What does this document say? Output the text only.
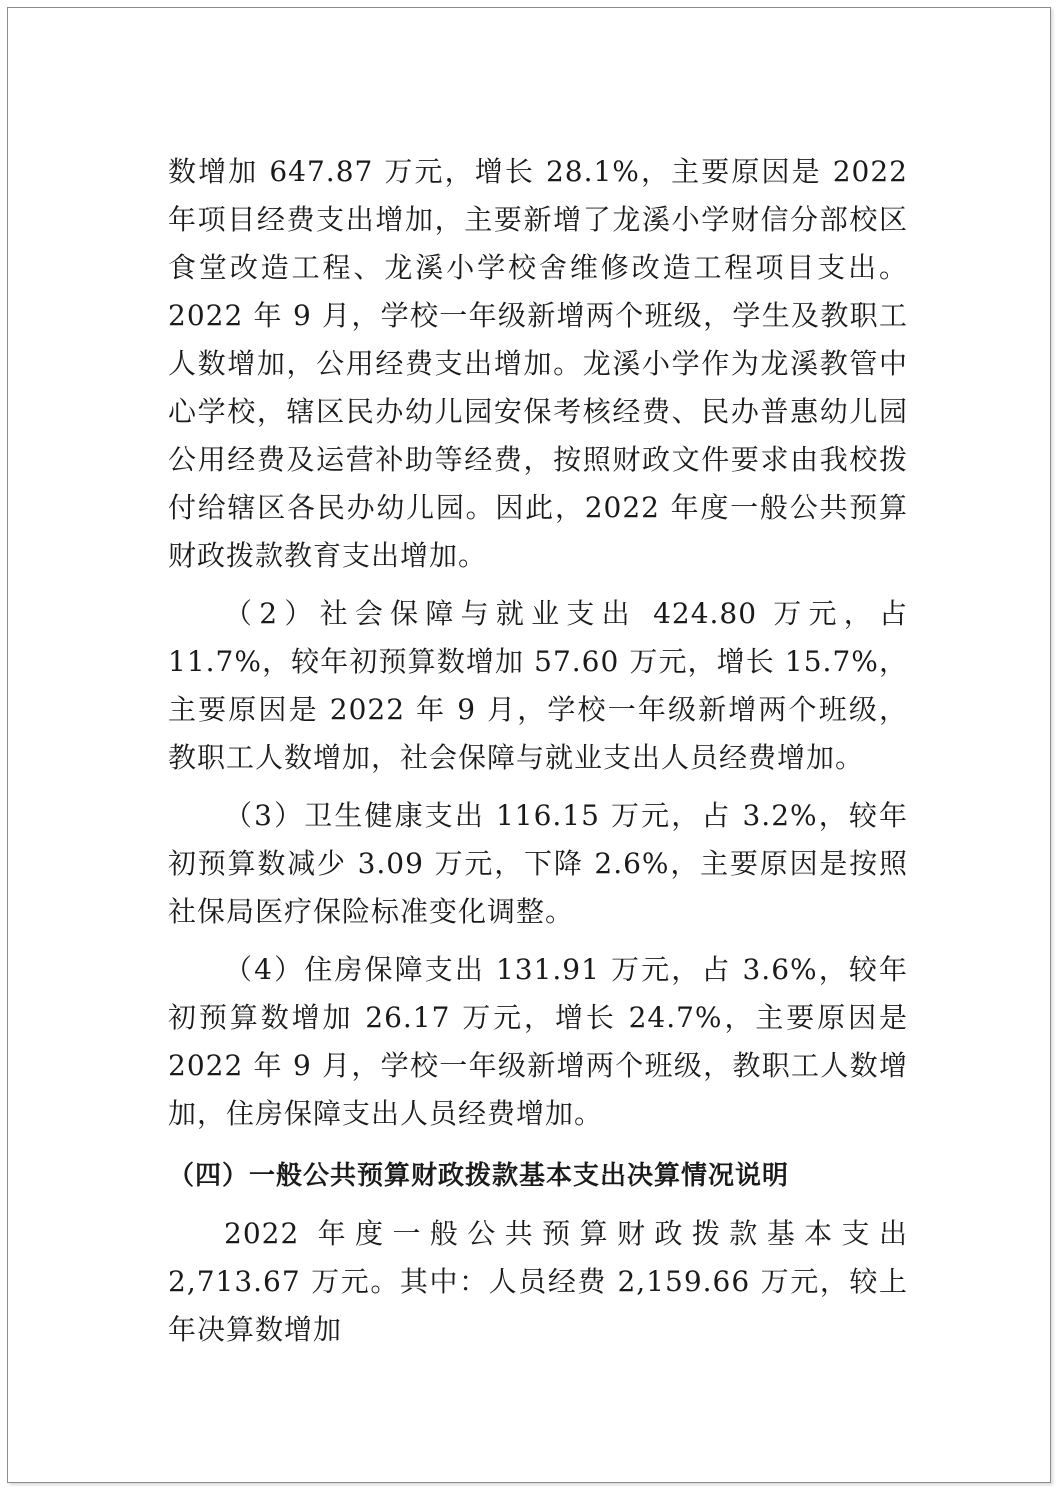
数增加 647.87 万元，增长 28.1%，主要原因是 2022 年项目经费支出增加，主要新增了龙溪小学财信分部校区食堂改造工程、龙溪小学校舍维修改造工程项目支出。2022 年 9 月，学校一年级新增两个班级，学生及教职工人数增加，公用经费支出增加。龙溪小学作为龙溪教管中心学校，辖区民办幼儿园安保考核经费、民办普惠幼儿园公用经费及运营补助等经费，按照财政文件要求由我校拨付给辖区各民办幼儿园。因此，2022 年度一般公共预算财政拨款教育支出增加。

（2）社会保障与就业支出 424.80 万元，占 11.7%，较年初预算数增加 57.60 万元，增长 15.7%，主要原因是 2022 年 9 月，学校一年级新增两个班级，教职工人数增加，社会保障与就业支出人员经费增加。

（3）卫生健康支出 116.15 万元，占 3.2%，较年初预算数减少 3.09 万元，下降 2.6%，主要原因是按照社保局医疗保险标准变化调整。

（4）住房保障支出 131.91 万元，占 3.6%，较年初预算数增加 26.17 万元，增长 24.7%，主要原因是 2022 年 9 月，学校一年级新增两个班级，教职工人数增加，住房保障支出人员经费增加。

（四）一般公共预算财政拨款基本支出决算情况说明

2022 年度一般公共预算财政拨款基本支出 2,713.67 万元。其中：人员经费 2,159.66 万元，较上年决算数增加
